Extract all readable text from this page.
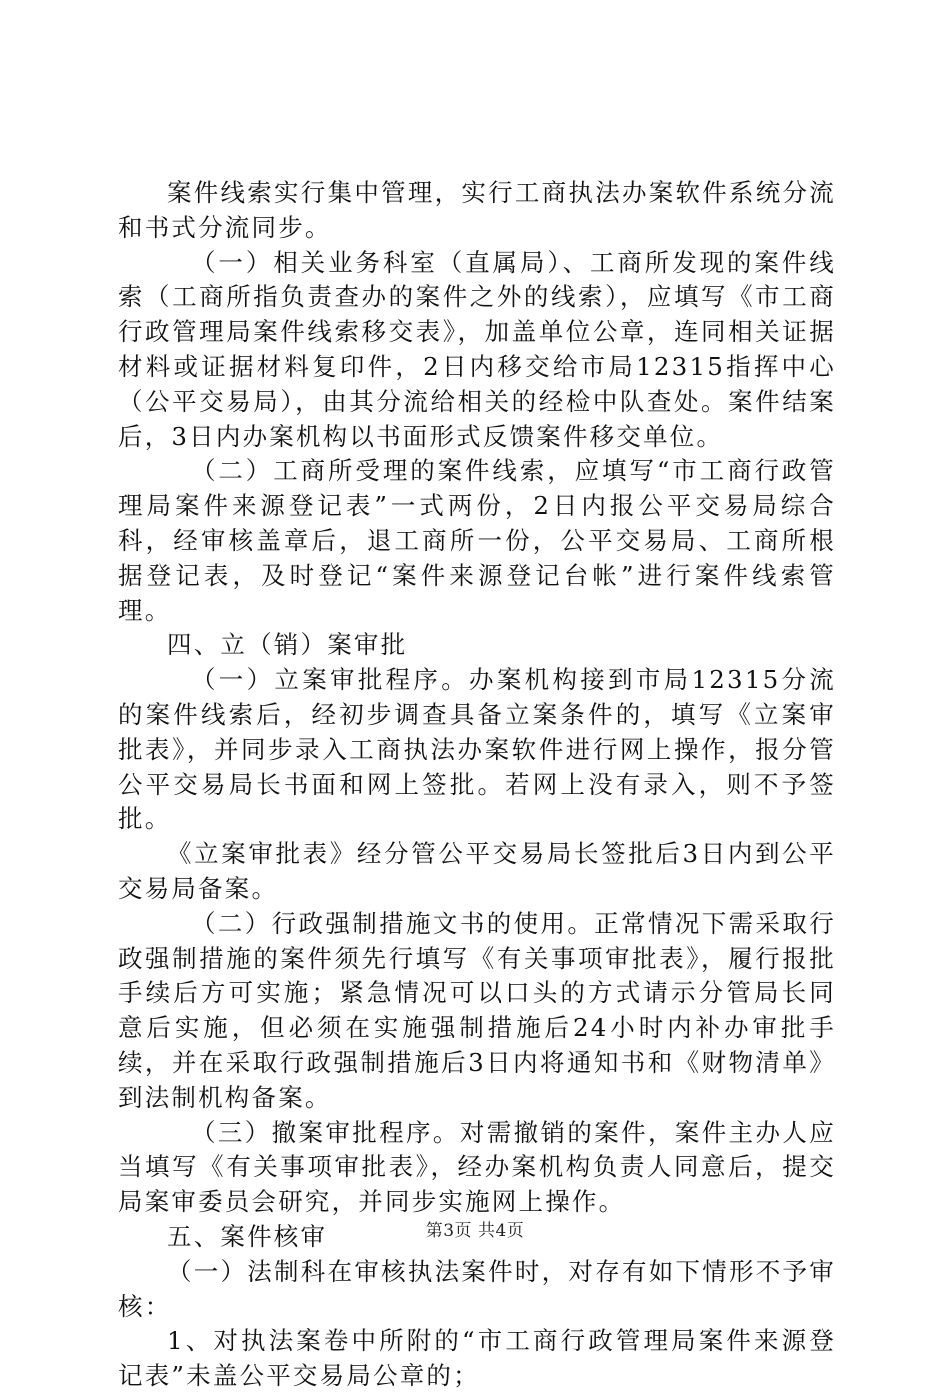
案件线索实行集中管理，实行工商执法办案软件系统分流和书式分流同步。

（一）相关业务科室（直属局）、工商所发现的案件线索（工商所指负责查办的案件之外的线索），应填写《市工商行政管理局案件线索移交表》，加盖单位公章，连同相关证据材料或证据材料复印件，2日内移交给市局12315指挥中心（公平交易局），由其分流给相关的经检中队查处。案件结案后，3日内办案机构以书面形式反馈案件移交单位。

（二）工商所受理的案件线索，应填写“市工商行政管理局案件来源登记表”一式两份，2日内报公平交易局综合科，经审核盖章后，退工商所一份，公平交易局、工商所根据登记表，及时登记“案件来源登记台帐”进行案件线索管理。

四、立（销）案审批

（一）立案审批程序。办案机构接到市局12315分流的案件线索后，经初步调查具备立案条件的，填写《立案审批表》，并同步录入工商执法办案软件进行网上操作，报分管公平交易局长书面和网上签批。若网上没有录入，则不予签批。

《立案审批表》经分管公平交易局长签批后3日内到公平交易局备案。

（二）行政强制措施文书的使用。正常情况下需采取行政强制措施的案件须先行填写《有关事项审批表》，履行报批手续后方可实施；紧急情况可以口头的方式请示分管局长同意后实施，但必须在实施强制措施后24小时内补办审批手续，并在采取行政强制措施后3日内将通知书和《财物清单》到法制机构备案。

（三）撤案审批程序。对需撤销的案件，案件主办人应当填写《有关事项审批表》，经办案机构负责人同意后，提交局案审委员会研究，并同步实施网上操作。

五、案件核审

（一）法制科在审核执法案件时，对存有如下情形不予审核：

1、对执法案卷中所附的“市工商行政管理局案件来源登记表”未盖公平交易局公章的；

第3页 共4页
